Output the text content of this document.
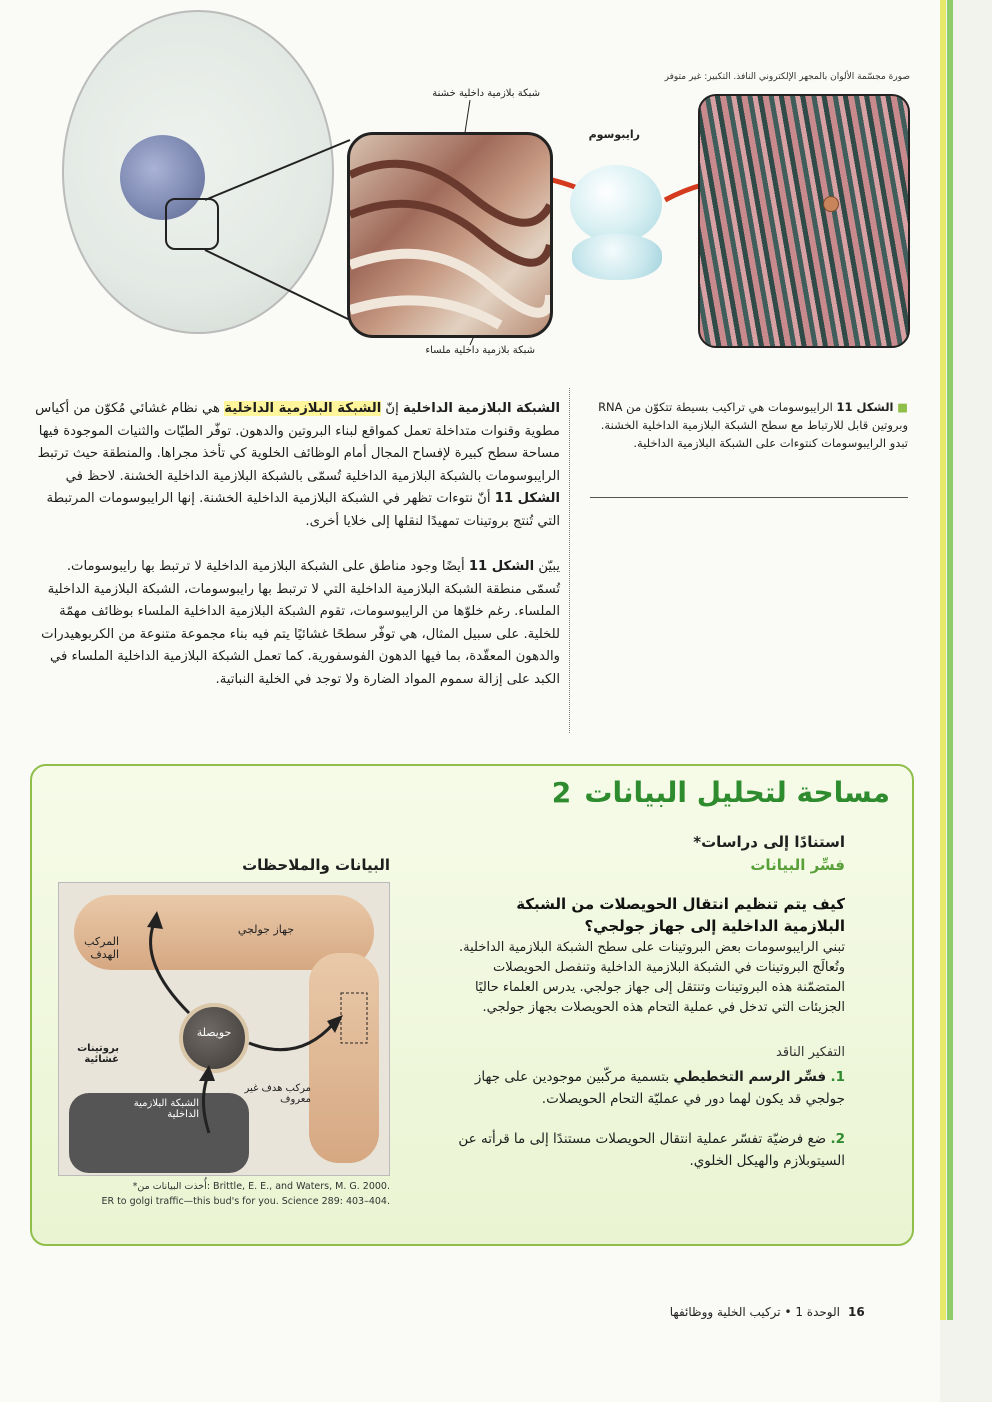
شبكة بلازمية داخلية خشنة
رايبوسوم
شبكة بلازمية داخلية ملساء
صورة مجسّمة الألوان بالمجهر الإلكتروني النافذ. التكبير: غير متوفر
■ الشكل 11 الرايبوسومات هي تراكيب بسيطة تتكوّن من RNA وبروتين قابل للارتباط مع سطح الشبكة البلازمية الداخلية الخشنة. تبدو الرايبوسومات كنتوءات على الشبكة البلازمية الداخلية.
الشبكة البلازمية الداخلية إنّ الشبكة البلازمية الداخلية هي نظام غشائي مُكوّن من أكياس مطوية وقنوات متداخلة تعمل كمواقع لبناء البروتين والدهون. توفّر الطيّات والثنيات الموجودة فيها مساحة سطح كبيرة لإفساح المجال أمام الوظائف الخلوية كي تأخذ مجراها. والمنطقة حيث ترتبط الرايبوسومات بالشبكة البلازمية الداخلية تُسمّى بالشبكة البلازمية الداخلية الخشنة. لاحظ في الشكل 11 أنّ نتوءات تظهر في الشبكة البلازمية الداخلية الخشنة. إنها الرايبوسومات المرتبطة التي تُنتج بروتينات تمهيدًا لنقلها إلى خلايا أخرى.
يبيّن الشكل 11 أيضًا وجود مناطق على الشبكة البلازمية الداخلية لا ترتبط بها رايبوسومات. تُسمّى منطقة الشبكة البلازمية الداخلية التي لا ترتبط بها رايبوسومات، الشبكة البلازمية الداخلية الملساء. رغم خلوّها من الرايبوسومات، تقوم الشبكة البلازمية الداخلية الملساء بوظائف مهمّة للخلية. على سبيل المثال، هي توفّر سطحًا غشائيًا يتم فيه بناء مجموعة متنوعة من الكربوهيدرات والدهون المعقّدة، بما فيها الدهون الفوسفورية. كما تعمل الشبكة البلازمية الداخلية الملساء في الكبد على إزالة سموم المواد الضارة ولا توجد في الخلية النباتية.
مساحة لتحليل البيانات 2
استنادًا إلى دراسات*
فسِّر البيانات
كيف يتم تنظيم انتقال الحويصلات من الشبكة البلازمية الداخلية إلى جهاز جولجي؟
تبني الرايبوسومات بعض البروتينات على سطح الشبكة البلازمية الداخلية. وتُعالَج البروتينات في الشبكة البلازمية الداخلية وتنفصل الحويصلات المتضمّنة هذه البروتينات وتنتقل إلى جهاز جولجي. يدرس العلماء حاليًا الجزيئات التي تدخل في عملية التحام هذه الحويصلات بجهاز جولجي.
التفكير الناقد
1. فسِّر الرسم التخطيطي بتسمية مركّبين موجودين على جهاز جولجي قد يكون لهما دور في عمليّة التحام الحويصلات.
2. ضع فرضيّة تفسّر عملية انتقال الحويصلات مستندًا إلى ما قرأته عن السيتوبلازم والهيكل الخلوي.
البيانات والملاحظات
المركب الهدف
جهاز جولجي
حويصلة
بروتينات غشائية
الشبكة البلازمية الداخلية
مركب هدف غير معروف
*أُخذت البيانات من: Brittle, E. E., and Waters, M. G. 2000.
ER to golgi traffic—this bud's for you. Science 289: 403–404.
الوحدة 1 • تركيب الخلية ووظائفها 16
